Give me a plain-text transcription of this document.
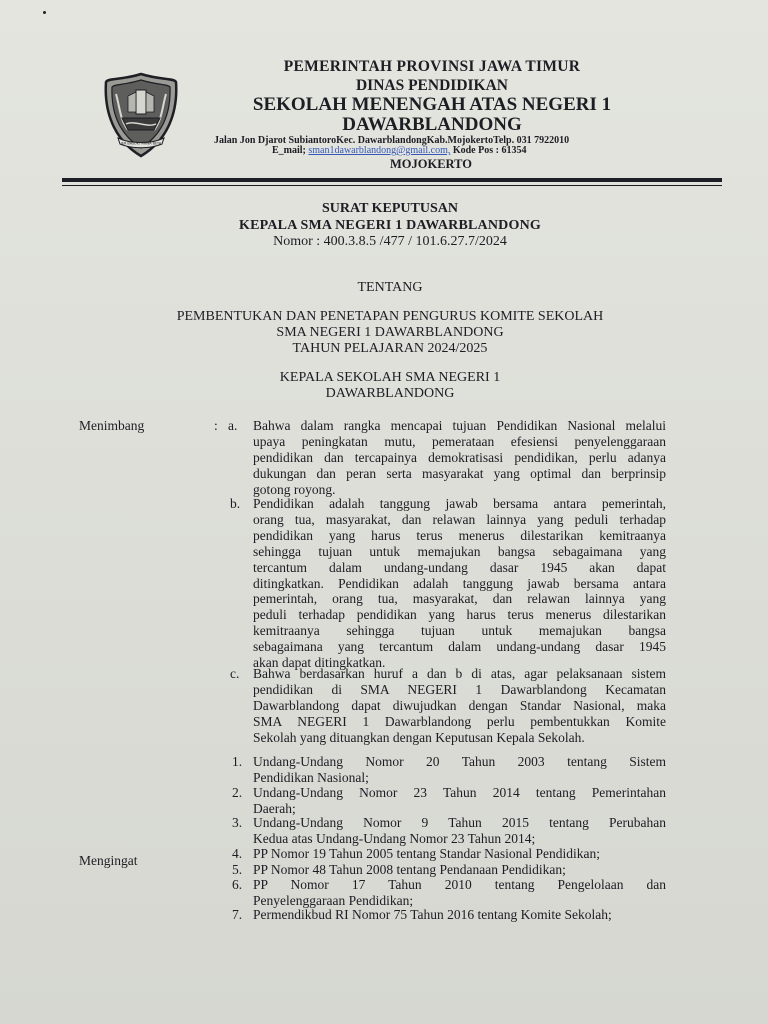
JER BASUKI MAWA BEYA
PEMERINTAH PROVINSI JAWA TIMUR
DINAS PENDIDIKAN
SEKOLAH MENENGAH ATAS NEGERI 1
DAWARBLANDONG
Jalan Jon Djarot SubiantoroKec. DawarblandongKab.MojokertoTelp. 031 7922010
E_mail; sman1dawarblandong@gmail.com, Kode Pos : 61354
MOJOKERTO
SURAT KEPUTUSAN
KEPALA SMA NEGERI 1 DAWARBLANDONG
Nomor : 400.3.8.5 /477 / 101.6.27.7/2024
TENTANG
PEMBENTUKAN DAN PENETAPAN PENGURUS KOMITE SEKOLAH
SMA NEGERI 1 DAWARBLANDONG
TAHUN PELAJARAN 2024/2025
KEPALA SEKOLAH SMA NEGERI 1
DAWARBLANDONG
Menimbang	: a. Bahwa dalam rangka mencapai tujuan Pendidikan Nasional melalui
upaya peningkatan mutu, pemerataan efesiensi penyelenggaraan
pendidikan dan tercapainya demokratisasi pendidikan, perlu adanya
dukungan dan peran serta masyarakat yang optimal dan berprinsip
gotong royong.
b. Pendidikan adalah tanggung jawab bersama antara pemerintah,
orang tua, masyarakat, dan relawan lainnya yang peduli terhadap
pendidikan yang harus terus menerus dilestarikan kemitraanya
sehingga tujuan untuk memajukan bangsa sebagaimana yang
tercantum dalam undang-undang dasar 1945 akan dapat
ditingkatkan. Pendidikan adalah tanggung jawab bersama antara
pemerintah, orang tua, masyarakat, dan relawan lainnya yang
peduli terhadap pendidikan yang harus terus menerus dilestarikan
kemitraanya sehingga tujuan untuk memajukan bangsa
sebagaimana yang tercantum dalam undang-undang dasar 1945
akan dapat ditingkatkan.
c. Bahwa berdasarkan huruf a dan b di atas, agar pelaksanaan sistem
pendidikan di SMA NEGERI 1 Dawarblandong Kecamatan
Dawarblandong dapat diwujudkan dengan Standar Nasional, maka
SMA NEGERI 1 Dawarblandong perlu pembentukkan Komite
Sekolah yang dituangkan dengan Keputusan Kepala Sekolah.
Mengingat
1. Undang-Undang Nomor 20 Tahun 2003 tentang Sistem
Pendidikan Nasional;
2. Undang-Undang Nomor 23 Tahun 2014 tentang Pemerintahan
Daerah;
3. Undang-Undang Nomor 9 Tahun 2015 tentang Perubahan
Kedua atas Undang-Undang Nomor 23 Tahun 2014;
4. PP Nomor 19 Tahun 2005 tentang Standar Nasional Pendidikan;
5. PP Nomor 48 Tahun 2008 tentang Pendanaan Pendidikan;
6. PP Nomor 17 Tahun 2010 tentang Pengelolaan dan
Penyelenggaraan Pendidikan;
7. Permendikbud RI Nomor 75 Tahun 2016 tentang Komite Sekolah;
